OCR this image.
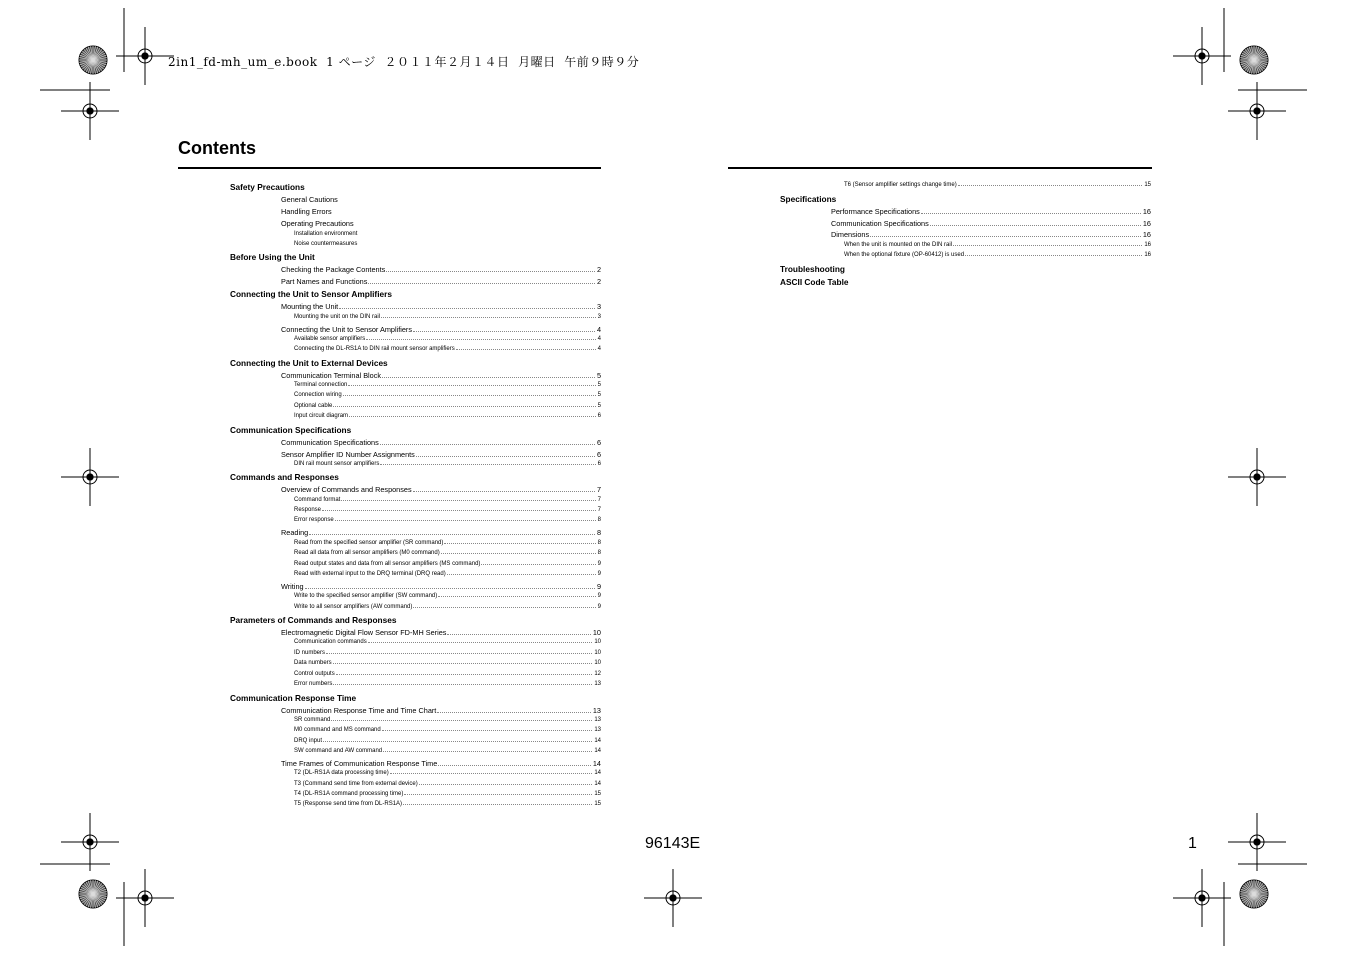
2in1_fd-mh_um_e.book  1 ページ  ２０１１年２月１４日  月曜日  午前９時９分
Contents
Safety Precautions
General Cautions
Handling Errors
Operating Precautions
Installation environment
Noise countermeasures
Before Using the Unit
Checking the Package Contents	2
Part Names and Functions	2
Connecting the Unit to Sensor Amplifiers
Mounting the Unit	3
Mounting the unit on the DIN rail	3
Connecting the Unit to Sensor Amplifiers	4
Available sensor amplifiers	4
Connecting the DL-RS1A to DIN rail mount sensor amplifiers	4
Connecting the Unit to External Devices
Communication Terminal Block	5
Terminal connection	5
Connection wiring	5
Optional cable	5
Input circuit diagram	6
Communication Specifications
Communication Specifications	6
Sensor Amplifier ID Number Assignments	6
DIN rail mount sensor amplifiers	6
Commands and Responses
Overview of Commands and Responses	7
Command format	7
Response	7
Error response	8
Reading	8
Read from the specified sensor amplifier (SR command)	8
Read all data from all sensor amplifiers (M0 command)	8
Read output states and data from all sensor amplifiers (MS command)	9
Read with external input to the DRQ terminal (DRQ read)	9
Writing	9
Write to the specified sensor amplifier (SW command)	9
Write to all sensor amplifiers (AW command)	9
Parameters of Commands and Responses
Electromagnetic Digital Flow Sensor FD-MH Series	10
Communication commands	10
ID numbers	10
Data numbers	10
Control outputs	12
Error numbers	13
Communication Response Time
Communication Response Time and Time Chart	13
SR command	13
M0 command and MS command	13
DRQ input	14
SW command and AW command	14
Time Frames of Communication Response Time	14
T2 (DL-RS1A data processing time)	14
T3 (Command send time from external device)	14
T4 (DL-RS1A command processing time)	15
T5 (Response send time from DL-RS1A)	15
T6 (Sensor amplifier settings change time)	15
Specifications
Performance Specifications	16
Communication Specifications	16
Dimensions	16
When the unit is mounted on the DIN rail	16
When the optional fixture (OP-60412) is used	16
Troubleshooting
ASCII Code Table
96143E	1
